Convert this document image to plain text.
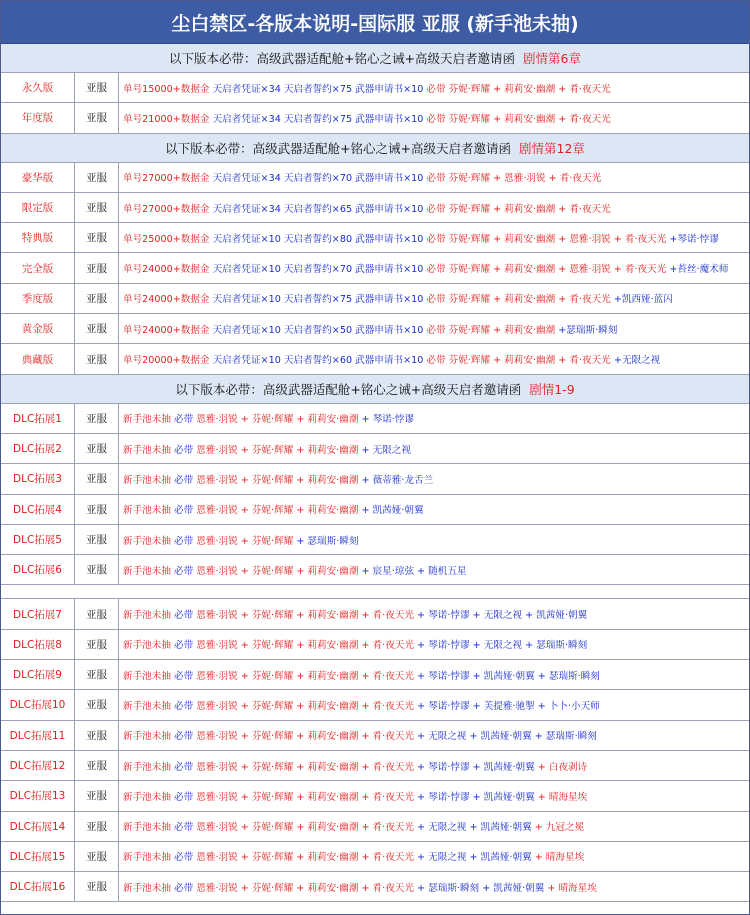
尘白禁区-各版本说明-国际服 亚服 (新手池未抽)
以下版本必带：高级武器适配舱+铭心之诫+高级天启者邀请函 剧情第6章
永久版	亚服	单号15000+数据金 天启者凭证×34 天启者誓约×75 武器申请书×10 必带 芬妮·辉耀 + 莉莉安·幽潮 + 肴·夜天光
年度版	亚服	单号21000+数据金 天启者凭证×34 天启者誓约×75 武器申请书×10 必带 芬妮·辉耀 + 莉莉安·幽潮 + 肴·夜天光
以下版本必带：高级武器适配舱+铭心之诫+高级天启者邀请函 剧情第12章
豪华版	亚服	单号27000+数据金 天启者凭证×34 天启者誓约×70 武器申请书×10 必带 芬妮·辉耀 + 恩雅·羽锐 + 肴·夜天光
限定版	亚服	单号27000+数据金 天启者凭证×34 天启者誓约×65 武器申请书×10 必带 芬妮·辉耀 + 莉莉安·幽潮 + 肴·夜天光
特典版	亚服	单号25000+数据金 天启者凭证×10 天启者誓约×80 武器申请书×10 必带 芬妮·辉耀 + 莉莉安·幽潮 + 恩雅·羽锐 + 肴·夜天光 +琴诺·悖谬
完全版	亚服	单号24000+数据金 天启者凭证×10 天启者誓约×70 武器申请书×10 必带 芬妮·辉耀 + 莉莉安·幽潮 + 恩雅·羽锐 + 肴·夜天光 +苔丝·魔术师
季度版	亚服	单号24000+数据金 天启者凭证×10 天启者誓约×75 武器申请书×10 必带 芬妮·辉耀 + 莉莉安·幽潮 + 肴·夜天光 +凯西娅·蓝闪
黄金版	亚服	单号24000+数据金 天启者凭证×10 天启者誓约×50 武器申请书×10 必带 芬妮·辉耀 + 莉莉安·幽潮 +瑟瑞斯·瞬刻
典藏版	亚服	单号20000+数据金 天启者凭证×10 天启者誓约×60 武器申请书×10 必带 芬妮·辉耀 + 莉莉安·幽潮 + 肴·夜天光 +无限之视
以下版本必带：高级武器适配舱+铭心之诫+高级天启者邀请函 剧情1-9
DLC拓展1	亚服	新手池未抽 必带 恩雅·羽锐 + 芬妮·辉耀 + 莉莉安·幽潮 + 琴诺·悖谬
DLC拓展2	亚服	新手池未抽 必带 恩雅·羽锐 + 芬妮·辉耀 + 莉莉安·幽潮 + 无限之视
DLC拓展3	亚服	新手池未抽 必带 恩雅·羽锐 + 芬妮·辉耀 + 莉莉安·幽潮 + 薇蒂雅·龙舌兰
DLC拓展4	亚服	新手池未抽 必带 恩雅·羽锐 + 芬妮·辉耀 + 莉莉安·幽潮 + 凯茜娅·朝翼
DLC拓展5	亚服	新手池未抽 必带 恩雅·羽锐 + 芬妮·辉耀 + 瑟瑞斯·瞬刻
DLC拓展6	亚服	新手池未抽 必带 恩雅·羽锐 + 芬妮·辉耀 + 莉莉安·幽潮 + 宸星·琼弦 + 随机五星
DLC拓展7	亚服	新手池未抽 必带 恩雅·羽锐 + 芬妮·辉耀 + 莉莉安·幽潮 + 肴·夜天光 + 琴诺·悖谬 + 无限之视 + 凯茜娅·朝翼
DLC拓展8	亚服	新手池未抽 必带 恩雅·羽锐 + 芬妮·辉耀 + 莉莉安·幽潮 + 肴·夜天光 + 琴诺·悖谬 + 无限之视 + 瑟瑞斯·瞬刻
DLC拓展9	亚服	新手池未抽 必带 恩雅·羽锐 + 芬妮·辉耀 + 莉莉安·幽潮 + 肴·夜天光 + 琴诺·悖谬 + 凯茜娅·朝翼 + 瑟瑞斯·瞬刻
DLC拓展10	亚服	新手池未抽 必带 恩雅·羽锐 + 芬妮·辉耀 + 莉莉安·幽潮 + 肴·夜天光 + 琴诺·悖谬 + 芙提雅·驰掣 + 卜卜·小天师
DLC拓展11	亚服	新手池未抽 必带 恩雅·羽锐 + 芬妮·辉耀 + 莉莉安·幽潮 + 肴·夜天光 + 无限之视 + 凯茜娅·朝翼 + 瑟瑞斯·瞬刻
DLC拓展12	亚服	新手池未抽 必带 恩雅·羽锐 + 芬妮·辉耀 + 莉莉安·幽潮 + 肴·夜天光 + 琴诺·悖谬 + 凯茜娅·朝翼 + 白夜剥诗
DLC拓展13	亚服	新手池未抽 必带 恩雅·羽锐 + 芬妮·辉耀 + 莉莉安·幽潮 + 肴·夜天光 + 琴诺·悖谬 + 凯茜娅·朝翼 + 晴海星埃
DLC拓展14	亚服	新手池未抽 必带 恩雅·羽锐 + 芬妮·辉耀 + 莉莉安·幽潮 + 肴·夜天光 + 无限之视 + 凯茜娅·朝翼 + 九冠之冕
DLC拓展15	亚服	新手池未抽 必带 恩雅·羽锐 + 芬妮·辉耀 + 莉莉安·幽潮 + 肴·夜天光 + 无限之视 + 凯茜娅·朝翼 + 晴海星埃
DLC拓展16	亚服	新手池未抽 必带 恩雅·羽锐 + 芬妮·辉耀 + 莉莉安·幽潮 + 肴·夜天光 + 瑟瑞斯·瞬刻 + 凯茜娅·朝翼 + 晴海星埃
